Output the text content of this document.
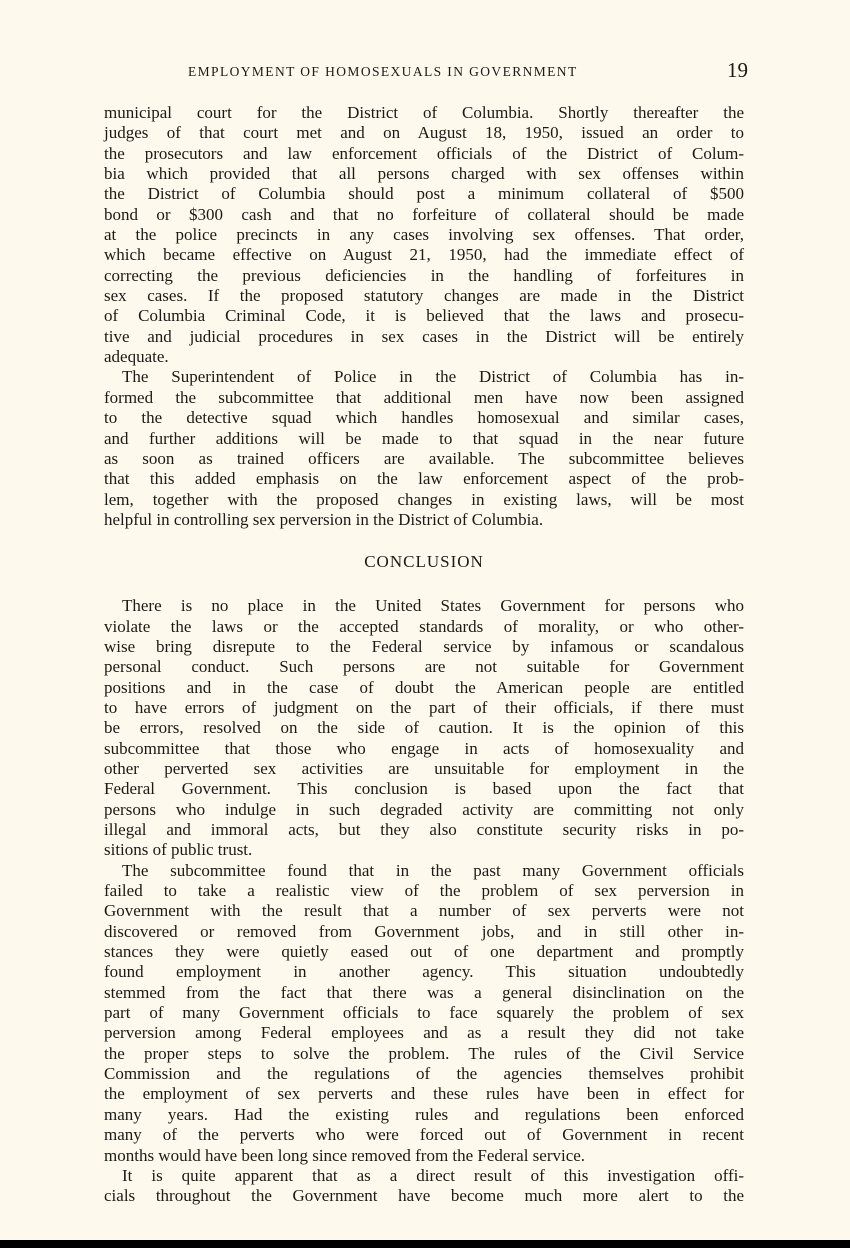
EMPLOYMENT OF HOMOSEXUALS IN GOVERNMENT	19
municipal court for the District of Columbia. Shortly thereafter the
judges of that court met and on August 18, 1950, issued an order to
the prosecutors and law enforcement officials of the District of Colum-
bia which provided that all persons charged with sex offenses within
the District of Columbia should post a minimum collateral of $500
bond or $300 cash and that no forfeiture of collateral should be made
at the police precincts in any cases involving sex offenses. That order,
which became effective on August 21, 1950, had the immediate effect of
correcting the previous deficiencies in the handling of forfeitures in
sex cases. If the proposed statutory changes are made in the District
of Columbia Criminal Code, it is believed that the laws and prosecu-
tive and judicial procedures in sex cases in the District will be entirely
adequate.
The Superintendent of Police in the District of Columbia has in-
formed the subcommittee that additional men have now been assigned
to the detective squad which handles homosexual and similar cases,
and further additions will be made to that squad in the near future
as soon as trained officers are available. The subcommittee believes
that this added emphasis on the law enforcement aspect of the prob-
lem, together with the proposed changes in existing laws, will be most
helpful in controlling sex perversion in the District of Columbia.
CONCLUSION
There is no place in the United States Government for persons who
violate the laws or the accepted standards of morality, or who other-
wise bring disrepute to the Federal service by infamous or scandalous
personal conduct. Such persons are not suitable for Government
positions and in the case of doubt the American people are entitled
to have errors of judgment on the part of their officials, if there must
be errors, resolved on the side of caution. It is the opinion of this
subcommittee that those who engage in acts of homosexuality and
other perverted sex activities are unsuitable for employment in the
Federal Government. This conclusion is based upon the fact that
persons who indulge in such degraded activity are committing not only
illegal and immoral acts, but they also constitute security risks in po-
sitions of public trust.
The subcommittee found that in the past many Government officials
failed to take a realistic view of the problem of sex perversion in
Government with the result that a number of sex perverts were not
discovered or removed from Government jobs, and in still other in-
stances they were quietly eased out of one department and promptly
found employment in another agency. This situation undoubtedly
stemmed from the fact that there was a general disinclination on the
part of many Government officials to face squarely the problem of sex
perversion among Federal employees and as a result they did not take
the proper steps to solve the problem. The rules of the Civil Service
Commission and the regulations of the agencies themselves prohibit
the employment of sex perverts and these rules have been in effect for
many years. Had the existing rules and regulations been enforced
many of the perverts who were forced out of Government in recent
months would have been long since removed from the Federal service.
It is quite apparent that as a direct result of this investigation offi-
cials throughout the Government have become much more alert to the
